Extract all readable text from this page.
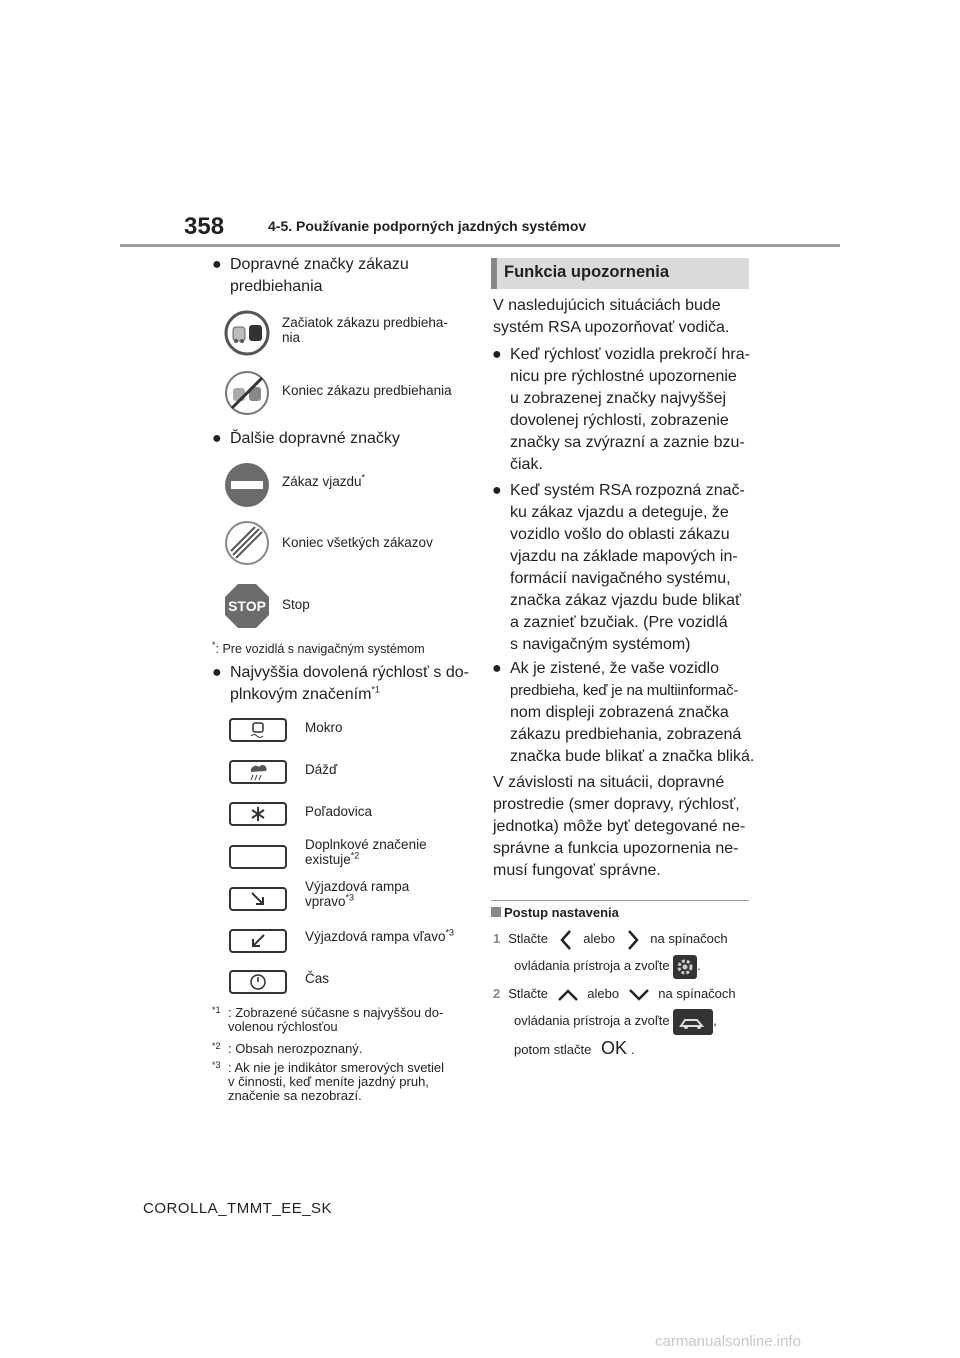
358	4-5. Používanie podporných jazdných systémov
● Dopravné značky zákazu
predbiehania
Začiatok zákazu predbieha-
nia
Koniec zákazu predbiehania
● Ďalšie dopravné značky
Zákaz vjazdu*
Koniec všetkých zákazov
STOP Stop
*: Pre vozidlá s navigačným systémom
● Najvyššia dovolená rýchlosť s do-
plnkovým značením$^{*1}$
Mokro
Dážď
Poľadovica
Doplnkové značenie
existuje$^{*2}$
Výjazdová rampa
vpravo$^{*3}$
Výjazdová rampa vľavo$^{*3}$
Čas
*1 : Zobrazené súčasne s najvyššou do-
volenou rýchlosťou
*2 : Obsah nerozpoznaný.
*3 : Ak nie je indikátor smerových svetiel
v činnosti, keď meníte jazdný pruh,
značenie sa nezobrazí.
Funkcia upozornenia
V nasledujúcich situáciách bude
systém RSA upozorňovať vodiča.
● Keď rýchlosť vozidla prekročí hra-
nicu pre rýchlostné upozornenie
u zobrazenej značky najvyššej
dovolenej rýchlosti, zobrazenie
značky sa zvýrazní a zaznie bzu-
čiak.
● Keď systém RSA rozpozná znač-
ku zákaz vjazdu a deteguje, že
vozidlo vošlo do oblasti zákazu
vjazdu na základe mapových in-
formácií navigačného systému,
značka zákaz vjazdu bude blikať
a zaznieť bzučiak. (Pre vozidlá
s navigačným systémom)
● Ak je zistené, že vaše vozidlo
predbieha, keď je na multiinformač-
nom displeji zobrazená značka
zákazu predbiehania, zobrazená
značka bude blikať a značka bliká.
V závislosti na situácii, dopravné
prostredie (smer dopravy, rýchlosť,
jednotka) môže byť detegované ne-
správne a funkcia upozornenia ne-
musí fungovať správne.
Postup nastavenia
1 Stlačte	alebo	na spínačoch
ovládania prístroja a zvoľte .
2 Stlačte	alebo	na spínačoch
ovládania prístroja a zvoľte	,
potom stlačte OK .
COROLLA_TMMT_EE_SK
carmanualsonline.info
